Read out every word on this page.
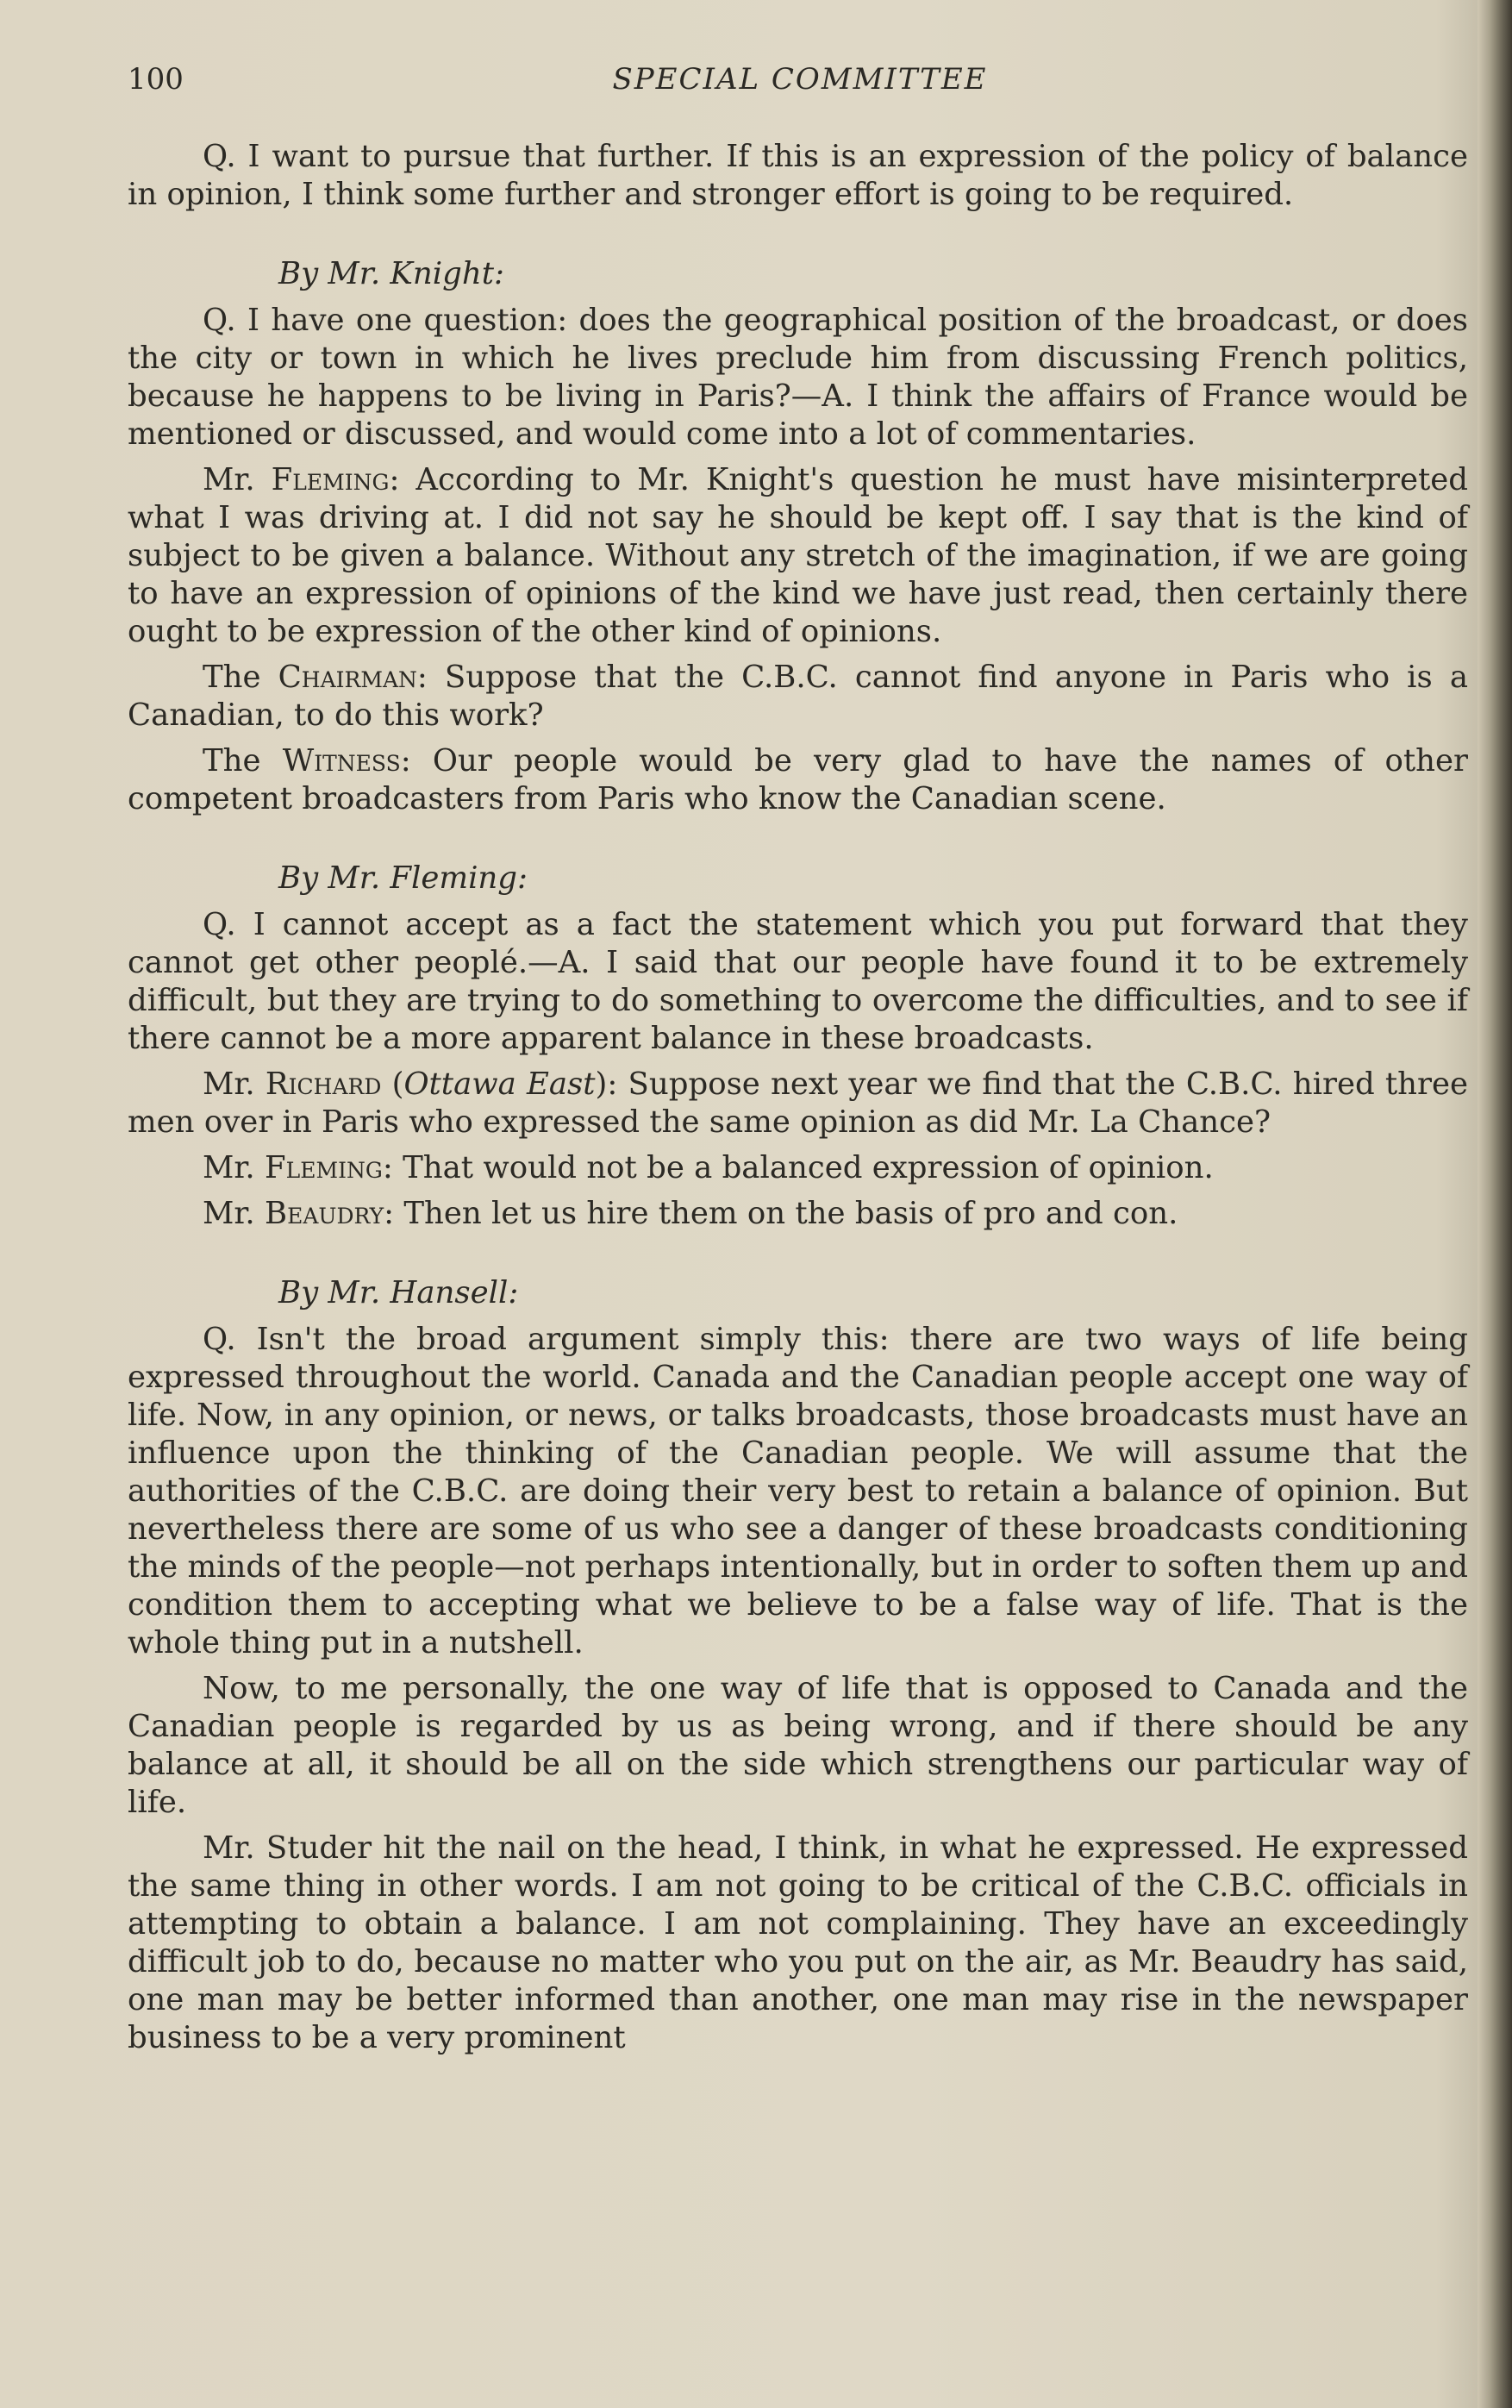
100	SPECIAL COMMITTEE

Q. I want to pursue that further. If this is an expression of the policy of balance in opinion, I think some further and stronger effort is going to be required.

By Mr. Knight:

Q. I have one question: does the geographical position of the broadcast, or does the city or town in which he lives preclude him from discussing French politics, because he happens to be living in Paris?—A. I think the affairs of France would be mentioned or discussed, and would come into a lot of commentaries.

Mr. Fleming: According to Mr. Knight's question he must have misinterpreted what I was driving at. I did not say he should be kept off. I say that is the kind of subject to be given a balance. Without any stretch of the imagination, if we are going to have an expression of opinions of the kind we have just read, then certainly there ought to be expression of the other kind of opinions.

The Chairman: Suppose that the C.B.C. cannot find anyone in Paris who is a Canadian, to do this work?

The Witness: Our people would be very glad to have the names of other competent broadcasters from Paris who know the Canadian scene.

By Mr. Fleming:

Q. I cannot accept as a fact the statement which you put forward that they cannot get other peoplé.—A. I said that our people have found it to be extremely difficult, but they are trying to do something to overcome the difficulties, and to see if there cannot be a more apparent balance in these broadcasts.

Mr. Richard (Ottawa East): Suppose next year we find that the C.B.C. hired three men over in Paris who expressed the same opinion as did Mr. La Chance?

Mr. Fleming: That would not be a balanced expression of opinion.

Mr. Beaudry: Then let us hire them on the basis of pro and con.

By Mr. Hansell:

Q. Isn't the broad argument simply this: there are two ways of life being expressed throughout the world. Canada and the Canadian people accept one way of life. Now, in any opinion, or news, or talks broadcasts, those broadcasts must have an influence upon the thinking of the Canadian people. We will assume that the authorities of the C.B.C. are doing their very best to retain a balance of opinion. But nevertheless there are some of us who see a danger of these broadcasts conditioning the minds of the people—not perhaps intentionally, but in order to soften them up and condition them to accepting what we believe to be a false way of life. That is the whole thing put in a nutshell.

Now, to me personally, the one way of life that is opposed to Canada and the Canadian people is regarded by us as being wrong, and if there should be any balance at all, it should be all on the side which strengthens our particular way of life.

Mr. Studer hit the nail on the head, I think, in what he expressed. He expressed the same thing in other words. I am not going to be critical of the C.B.C. officials in attempting to obtain a balance. I am not complaining. They have an exceedingly difficult job to do, because no matter who you put on the air, as Mr. Beaudry has said, one man may be better informed than another, one man may rise in the newspaper business to be a very prominent
